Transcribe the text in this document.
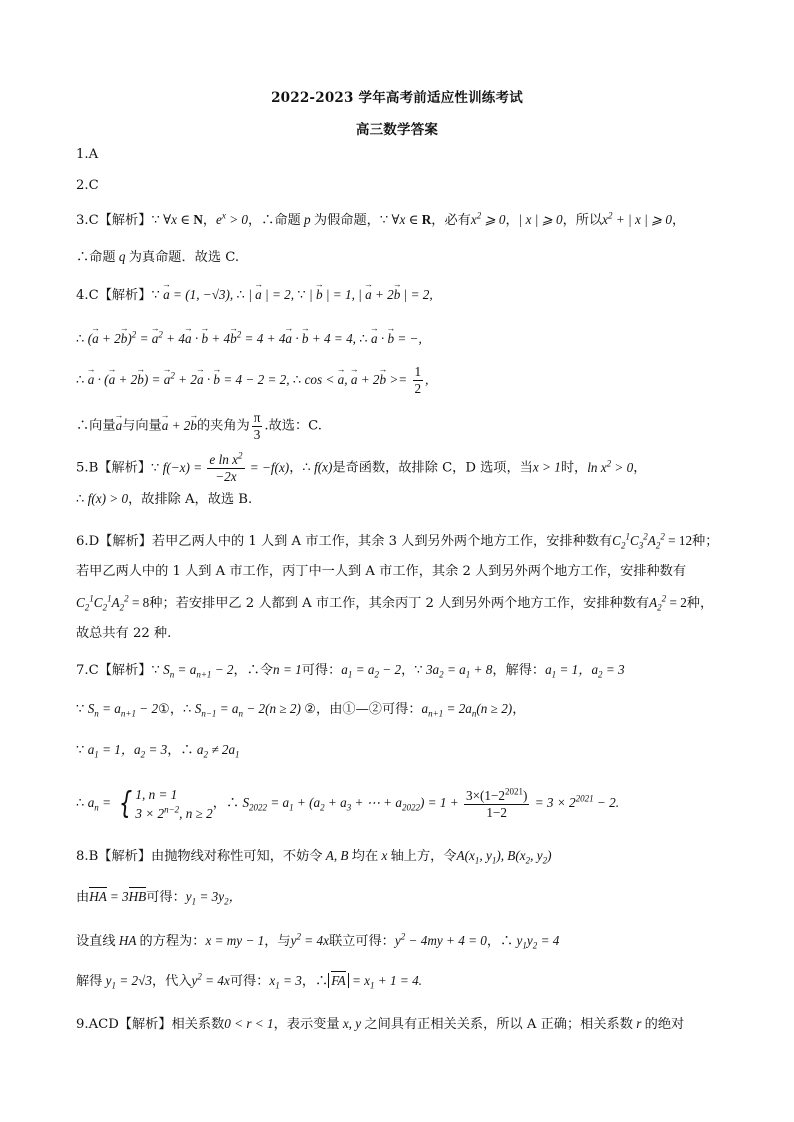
2022-2023 学年高考前适应性训练考试
高三数学答案
1.A
2.C
3.C【解析】∵ ∀x ∈ N，$e^x > 0$，∴命题 p 为假命题，∵ ∀x ∈ R，必有$x^2$ ⩾ 0，| x | ⩾ 0，所以$x^2$ + | x | ⩾ 0，
∴命题 q 为真命题．故选 C.
4.C【解析】∵ → a = (1, −√3), ∴ | → a | = 2, ∵ | → b | = 1, | → a + 2→ b | = 2,
∴ (→ a + 2→ b)$^2$ = → $a^2 + 4\to a$ · → $b + 4\to b^2 = 4 + 4\to a$ · → b + 4 = 4, ∴ → a · → b = −,
∴ → a · (→ a + 2→ b) = → $a^2 + 2\to a$ · → b = 4 − 2 = 2, ∴ cos < → a, → $a + 2\to b >= \frac{1}{2}$ ,
∴向量→ a与向量→ a + 2→ b的夹角为 $\frac{\pi}{3}$ .故选：C.
5.B【解析】∵ $f(-x) = \frac{e \ln x^2}{-2x} = -f(x)$，∴ f(x)是奇函数，故排除 C，D 选项，当x > 1时，$\ln x^2 > 0$，
∴ f(x) > 0，故排除 A，故选 B.
6.D【解析】若甲乙两人中的 1 人到 A 市工作，其余 3 人到另外两个地方工作，安排种数有$C_2^1C_3^2A_2^2 = 12$种；
若甲乙两人中的 1 人到 A 市工作，丙丁中一人到 A 市工作，其余 2 人到另外两个地方工作，安排种数有
$C_2^1C_2^1A_2^2 = 8$种；若安排甲乙 2 人都到 A 市工作，其余丙丁 2 人到另外两个地方工作，安排种数有$A_2^2 = 2$种，
故总共有 22 种.
7.C【解析】∵ $S_n = a_{n+1} - 2$，∴令n = 1可得：$a_1 = a_2 - 2$，∵ $3a_2 = a_1 + 8$，解得：$a_1 = 1$，$a_2 = 3$
∵ $S_n = a_{n+1}$ − 2①，∴ $S_{n-1} = a_n - 2(n \ge 2)$ ②，由①—②可得：$a_{n+1} = 2a_n(n \ge 2)$，
∵ $a_1 = 1$，$a_2 = 3$，∴ $a_2 \ne 2a_1$
∴ $a_n$ = { 1, n = 1
$3 \times 2^{n-2}$, n ≥ 2，∴ $S_{2022} = a_1 + (a_2 + a_3$ + ⋯ + $a_{2022}) = 1 + \frac{3\times(1-2^{2021})}{1-2} = 3 \times 2^{2021} - 2$.
8.B【解析】由抛物线对称性可知，不妨令 A, B 均在 x 轴上方，令$A(x_1$, $y_1$), $B(x_2$, $y_2$)
由HA = 3HB可得：$y_1 = 3y_2$，
设直线 HA 的方程为：x = my − 1，与$y^2 = 4x$联立可得：$y^2 - 4my + 4 = 0$，∴ $y_1y_2 = 4$
解得 $y_1 = 2√3$，代入$y^2 = 4x$可得：$x_1 = 3$，∴ FA = $x_1 + 1 = 4$.
9.ACD【解析】相关系数0 < r < 1，表示变量 x, y 之间具有正相关关系，所以 A 正确；相关系数 r 的绝对
